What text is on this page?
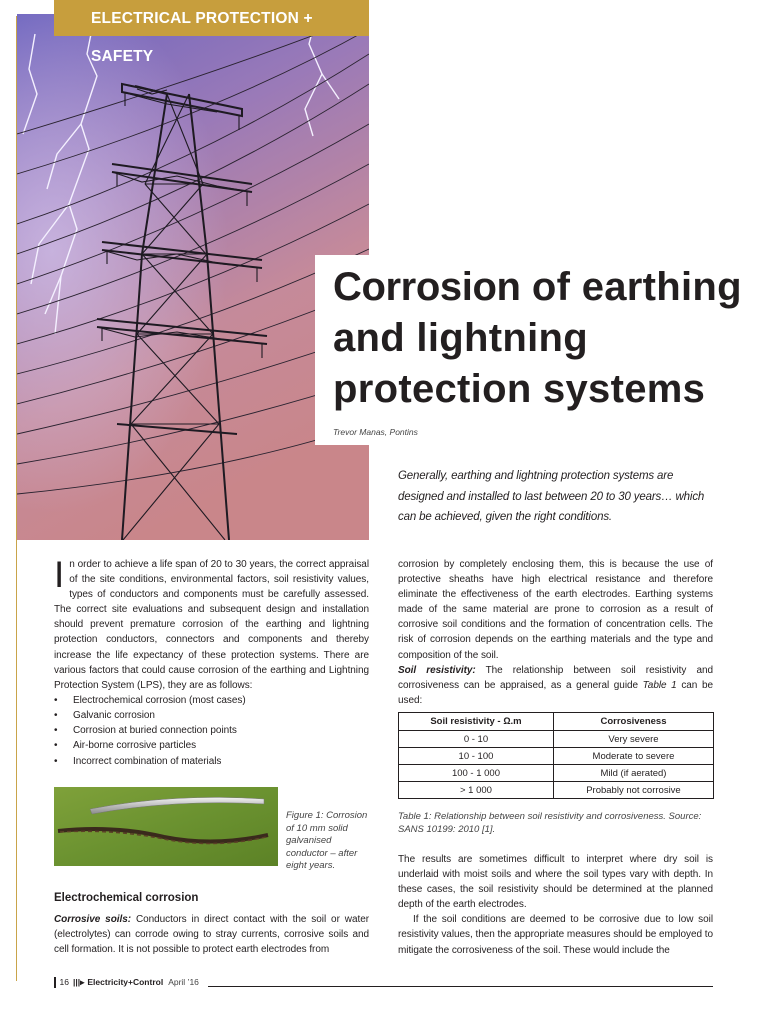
ELECTRICAL PROTECTION + SAFETY
Corrosion of earthing and lightning protection systems
Trevor Manas, Pontins

Generally, earthing and lightning protection systems are designed and installed to last between 20 to 30 years… which can be achieved, given the right conditions.

In order to achieve a life span of 20 to 30 years, the correct appraisal of the site conditions, environmental factors, soil resistivity values, types of conductors and components must be carefully assessed. The correct site evaluations and subsequent design and installation should prevent premature corrosion of the earthing and lightning protection conductors, connectors and components and thereby increase the life expectancy of these protection systems. There are various factors that could cause corrosion of the earthing and Lightning Protection System (LPS), they are as follows:

• Electrochemical corrosion (most cases)
• Galvanic corrosion
• Corrosion at buried connection points
• Air-borne corrosive particles
• Incorrect combination of materials

Figure 1: Corrosion of 10 mm solid galvanised conductor – after eight years.

Electrochemical corrosion

Corrosive soils: Conductors in direct contact with the soil or water (electrolytes) can corrode owing to stray currents, corrosive soils and cell formation. It is not possible to protect earth electrodes from

corrosion by completely enclosing them, this is because the use of protective sheaths have high electrical resistance and therefore eliminate the effectiveness of the earth electrodes. Earthing systems made of the same material are prone to corrosion as a result of corrosive soil conditions and the formation of concentration cells. The risk of corrosion depends on the earthing materials and the type and composition of the soil.

Soil resistivity: The relationship between soil resistivity and corrosiveness can be appraised, as a general guide Table 1 can be used:

Soil resistivity - Ω.m	Corrosiveness
0 - 10	Very severe
10 - 100	Moderate to severe
100 - 1 000	Mild (if aerated)
> 1 000	Probably not corrosive

Table 1: Relationship between soil resistivity and corrosiveness. Source: SANS 10199: 2010 [1].

The results are sometimes difficult to interpret where dry soil is underlaid with moist soils and where the soil types vary with depth. In these cases, the soil resistivity should be determined at the planned depth of the earth electrodes.

If the soil conditions are deemed to be corrosive due to low soil resistivity values, then the appropriate measures should be employed to mitigate the corrosiveness of the soil. These would include the

16 |||▸ Electricity+Control April ’16
